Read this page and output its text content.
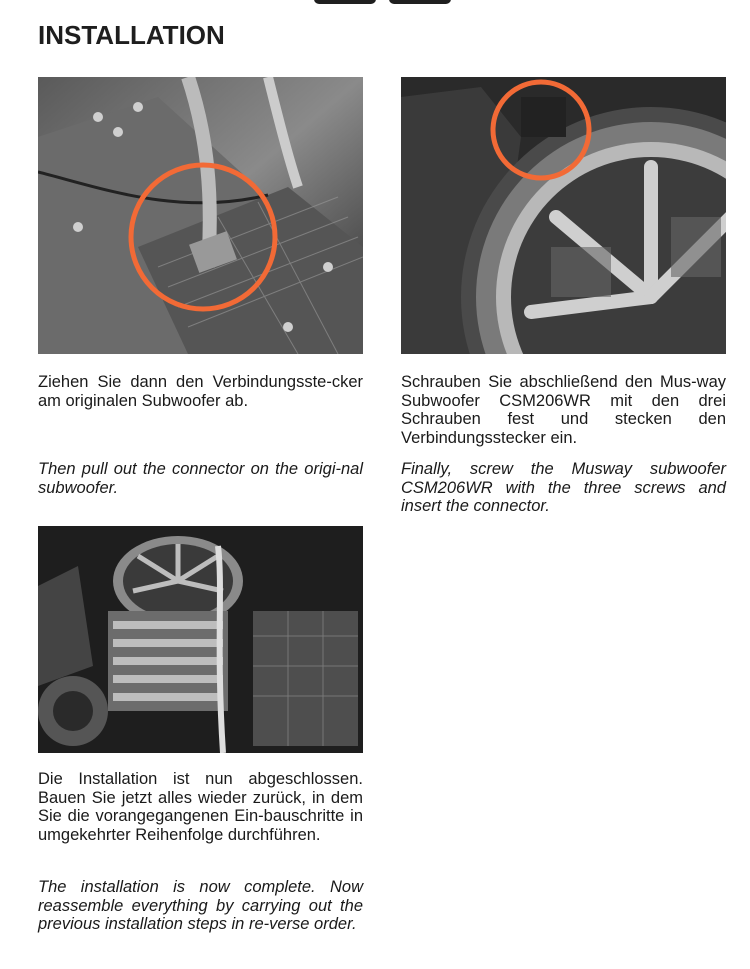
INSTALLATION

Ziehen Sie dann den Verbindungsste-cker am originalen Subwoofer ab.

Then pull out the connector on the origi-nal subwoofer.

Schrauben Sie abschließend den Mus-way Subwoofer CSM206WR mit den drei Schrauben fest und stecken den Verbindungsstecker ein.

Finally, screw the Musway subwoofer CSM206WR with the three screws and insert the connector.

Die Installation ist nun abgeschlossen. Bauen Sie jetzt alles wieder zurück, in dem Sie die vorangegangenen Ein-bauschritte in umgekehrter Reihenfolge durchführen.

The installation is now complete. Now reassemble everything by carrying out the previous installation steps in re-verse order.
